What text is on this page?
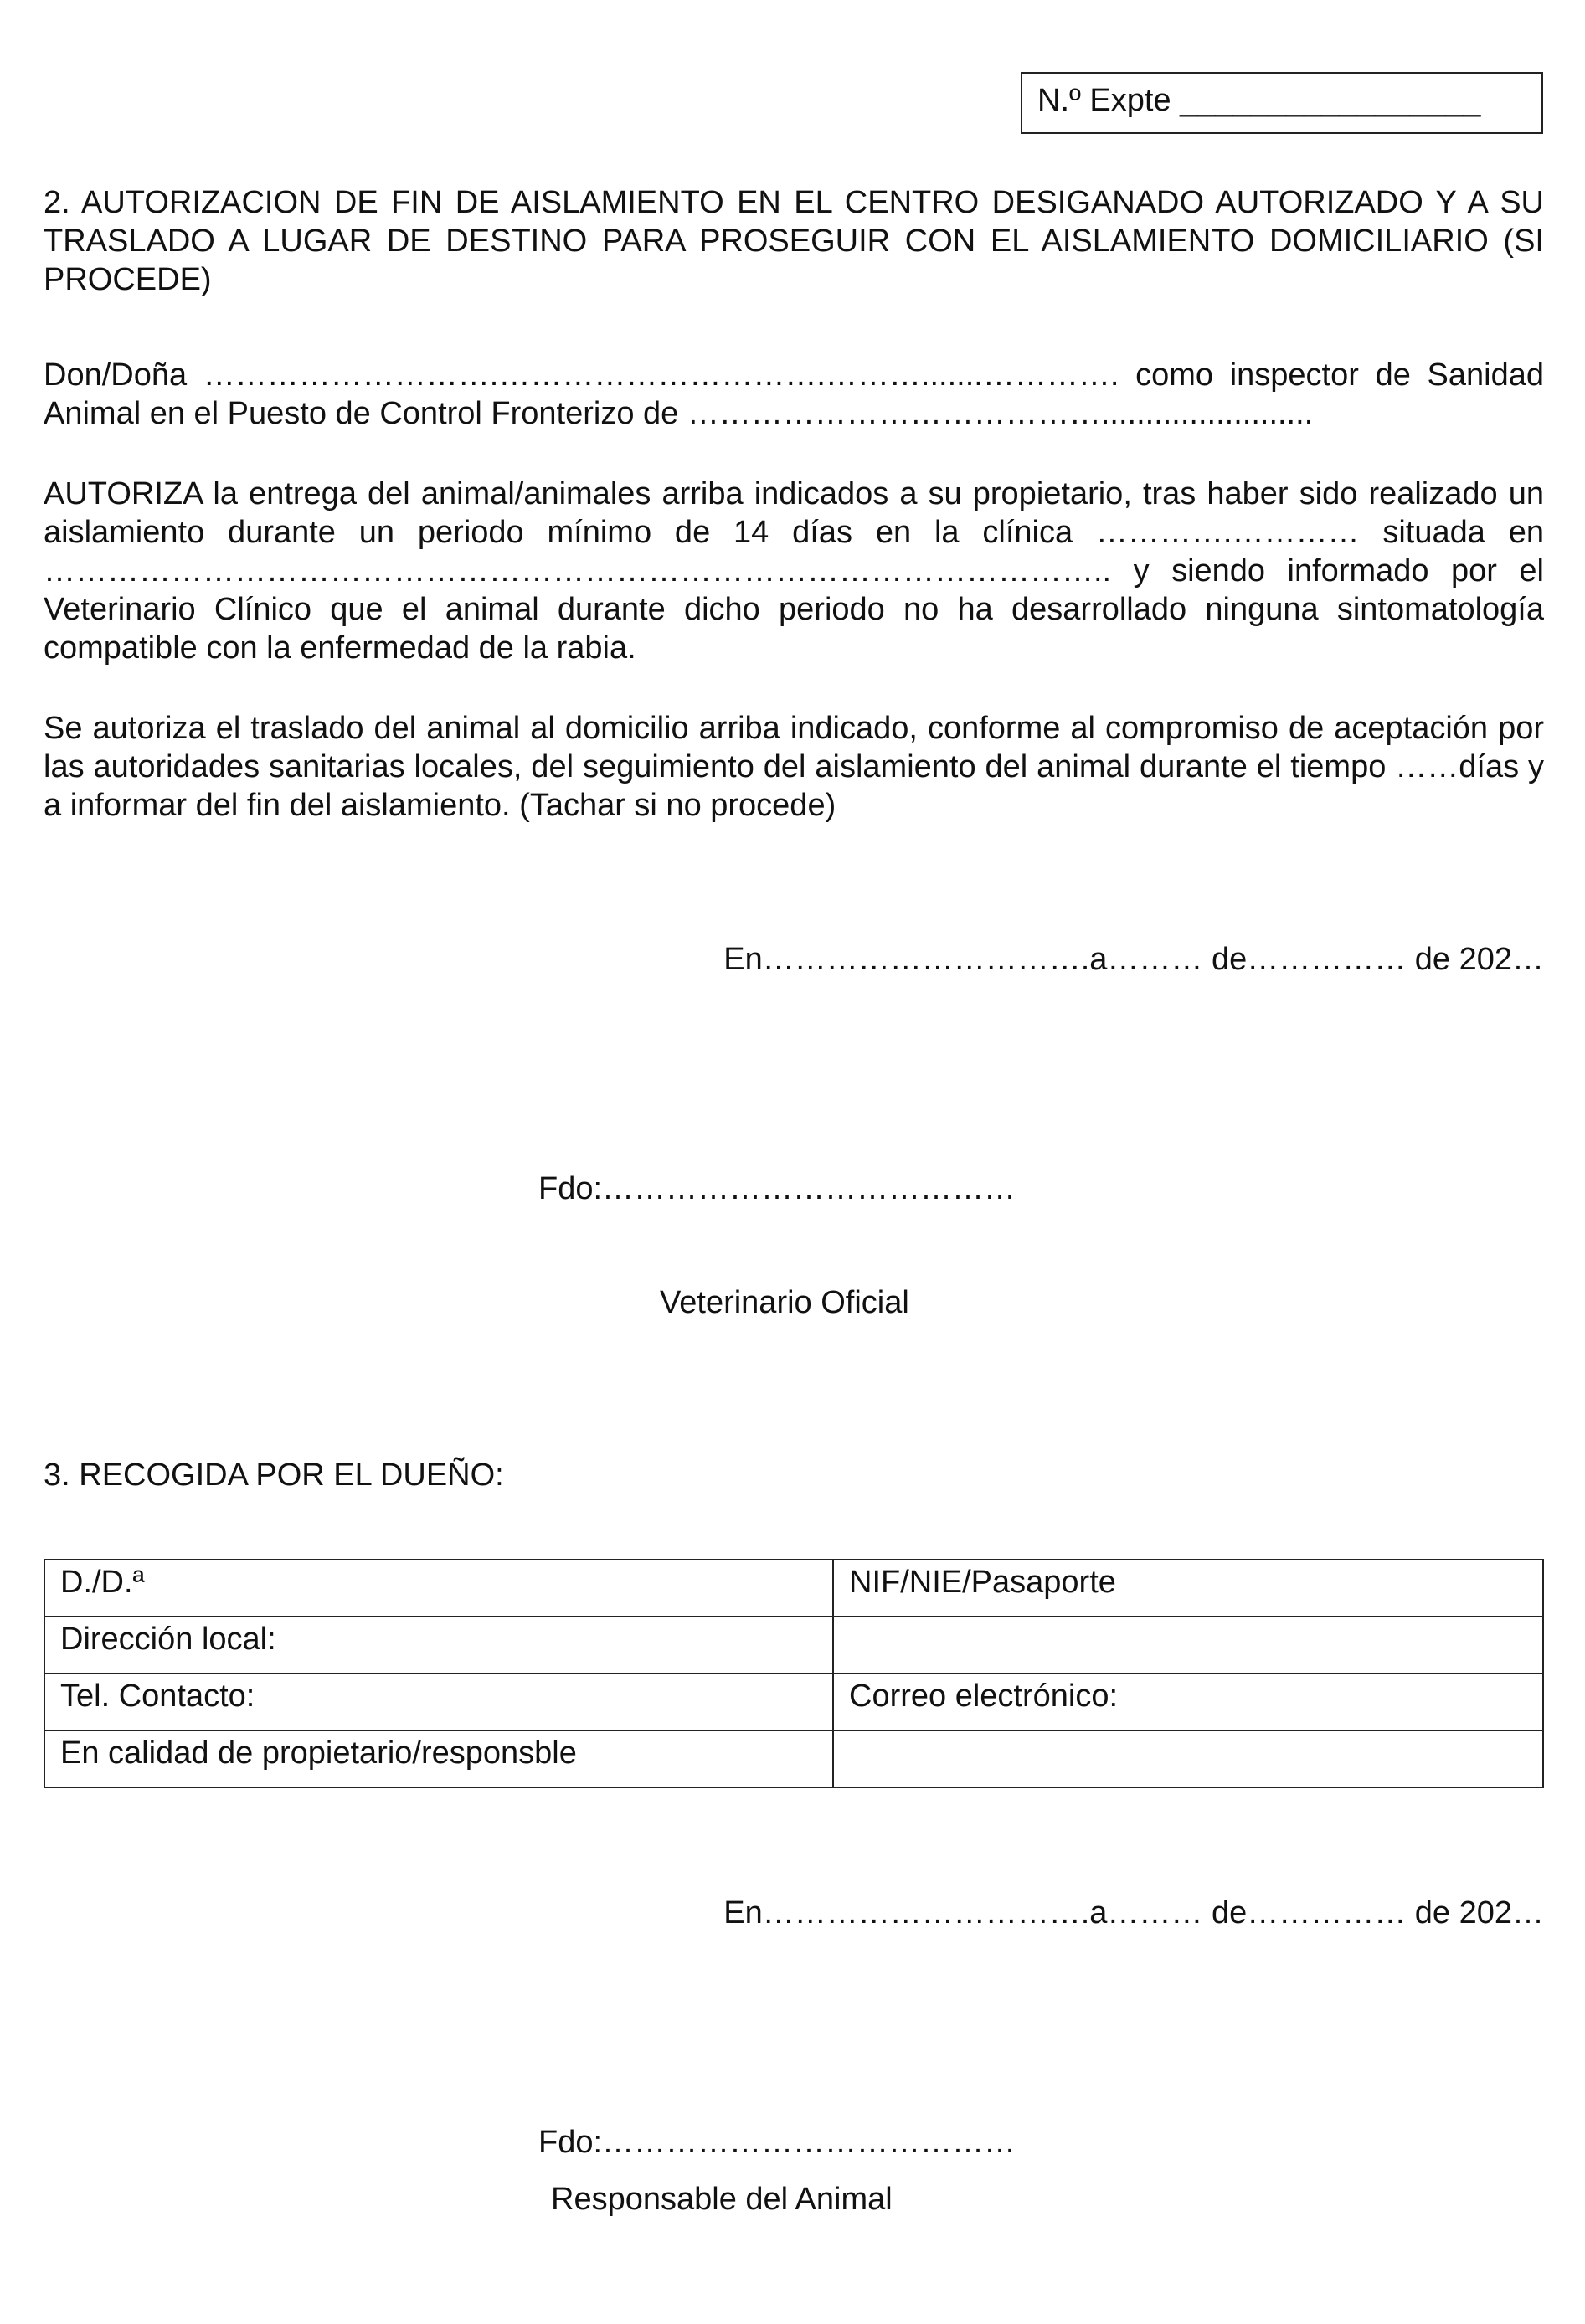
N.º Expte _________________

2. AUTORIZACION DE FIN DE AISLAMIENTO EN EL CENTRO DESIGANADO AUTORIZADO Y A SU TRASLADO A LUGAR DE DESTINO PARA PROSEGUIR CON EL AISLAMIENTO DOMICILIARIO (SI PROCEDE)

Don/Doña ……………………….………………………….……….......…………. como inspector de Sanidad Animal en el Puesto de Control Fronterizo de …………………………………........................

AUTORIZA la entrega del animal/animales arriba indicados a su propietario, tras haber sido realizado un aislamiento durante un periodo mínimo de 14 días en la clínica ………….………… situada en ……………………………………………………………………………………….. y siendo informado por el Veterinario Clínico que el animal durante dicho periodo no ha desarrollado ninguna sintomatología compatible con la enfermedad de la rabia.

Se autoriza el traslado del animal al domicilio arriba indicado, conforme al compromiso de aceptación por las autoridades sanitarias locales, del seguimiento del aislamiento del animal durante el tiempo ……días y a informar del fin del aislamiento. (Tachar si no procede)

En………………………….a……… de…………… de 202…

Fdo:…………………………………

Veterinario Oficial

3. RECOGIDA POR EL DUEÑO:

D./D.ª	NIF/NIE/Pasaporte
Dirección local:	
Tel. Contacto:	Correo electrónico:
En calidad de propietario/responsble	

En………………………….a……… de…………… de 202…

Fdo:…………………………………

Responsable del Animal
